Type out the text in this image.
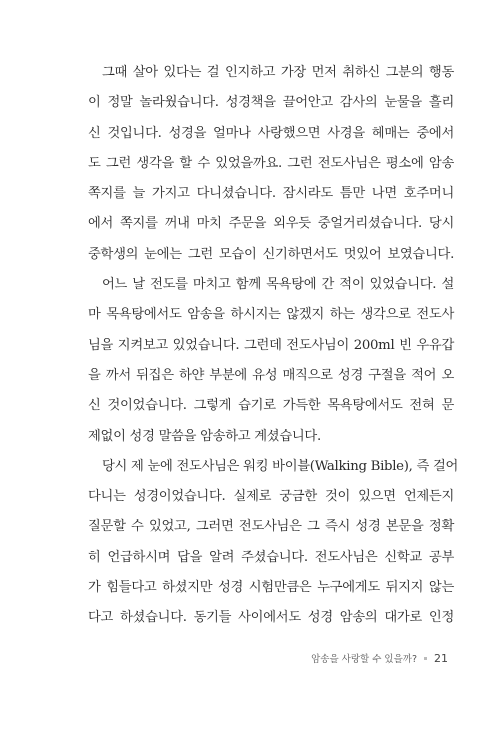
그때 살아 있다는 걸 인지하고 가장 먼저 취하신 그분의 행동
이 정말 놀라웠습니다. 성경책을 끌어안고 감사의 눈물을 흘리
신 것입니다. 성경을 얼마나 사랑했으면 사경을 헤매는 중에서
도 그런 생각을 할 수 있었을까요. 그런 전도사님은 평소에 암송
쪽지를 늘 가지고 다니셨습니다. 잠시라도 틈만 나면 호주머니
에서 쪽지를 꺼내 마치 주문을 외우듯 중얼거리셨습니다. 당시
중학생의 눈에는 그런 모습이 신기하면서도 멋있어 보였습니다.
어느 날 전도를 마치고 함께 목욕탕에 간 적이 있었습니다. 설
마 목욕탕에서도 암송을 하시지는 않겠지 하는 생각으로 전도사
님을 지켜보고 있었습니다. 그런데 전도사님이 200ml 빈 우유갑
을 까서 뒤집은 하얀 부분에 유성 매직으로 성경 구절을 적어 오
신 것이었습니다. 그렇게 습기로 가득한 목욕탕에서도 전혀 문
제없이 성경 말씀을 암송하고 계셨습니다.
당시 제 눈에 전도사님은 워킹 바이블(Walking Bible), 즉 걸어
다니는 성경이었습니다. 실제로 궁금한 것이 있으면 언제든지
질문할 수 있었고, 그러면 전도사님은 그 즉시 성경 본문을 정확
히 언급하시며 답을 알려 주셨습니다. 전도사님은 신학교 공부
가 힘들다고 하셨지만 성경 시험만큼은 누구에게도 뒤지지 않는
다고 하셨습니다. 동기들 사이에서도 성경 암송의 대가로 인정
암송을 사랑할 수 있을까? 21
